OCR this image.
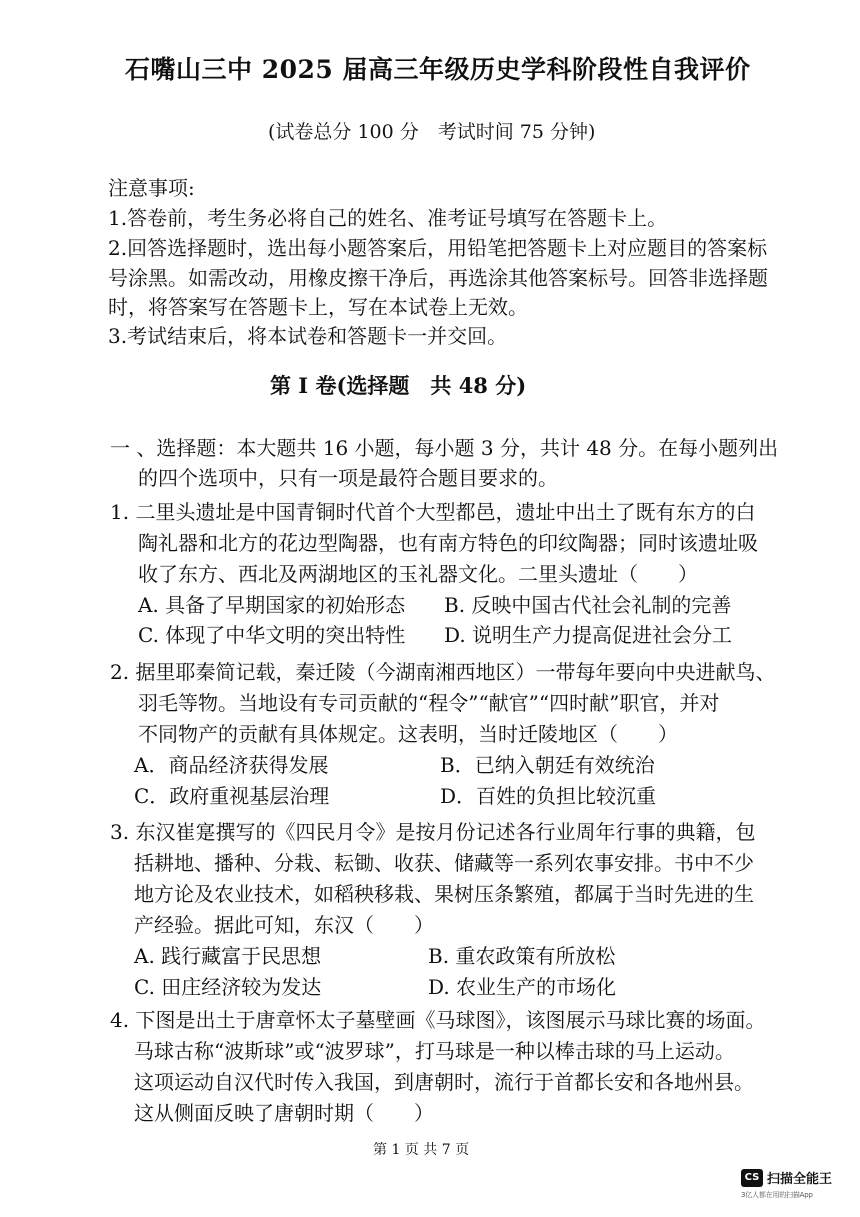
石嘴山三中 2025 届高三年级历史学科阶段性自我评价
(试卷总分 100 分　考试时间 75 分钟)
注意事项:
1.答卷前，考生务必将自己的姓名、准考证号填写在答题卡上。
2.回答选择题时，选出每小题答案后，用铅笔把答题卡上对应题目的答案标
号涂黑。如需改动，用橡皮擦干净后，再选涂其他答案标号。回答非选择题
时，将答案写在答题卡上，写在本试卷上无效。
3.考试结束后，将本试卷和答题卡一并交回。
第 Ⅰ 卷(选择题　共 48 分)
一 、选择题：本大题共 16 小题，每小题 3 分，共计 48 分。在每小题列出
的四个选项中，只有一项是最符合题目要求的。
1. 二里头遗址是中国青铜时代首个大型都邑，遗址中出土了既有东方的白
陶礼器和北方的花边型陶器，也有南方特色的印纹陶器；同时该遗址吸
收了东方、西北及两湖地区的玉礼器文化。二里头遗址（　　）
A. 具备了早期国家的初始形态 B. 反映中国古代社会礼制的完善
C. 体现了中华文明的突出特性 D. 说明生产力提高促进社会分工
2. 据里耶秦简记载，秦迁陵（今湖南湘西地区）一带每年要向中央进献鸟、
羽毛等物。当地设有专司贡献的“程令”“献官”“四时献”职官，并对
不同物产的贡献有具体规定。这表明，当时迁陵地区（　　）
A．商品经济获得发展	B．已纳入朝廷有效统治
C．政府重视基层治理	D．百姓的负担比较沉重
3. 东汉崔寔撰写的《四民月令》是按月份记述各行业周年行事的典籍，包
括耕地、播种、分栽、耘锄、收获、储藏等一系列农事安排。书中不少
地方论及农业技术，如稻秧移栽、果树压条繁殖，都属于当时先进的生
产经验。据此可知，东汉（　　）
A. 践行藏富于民思想	B. 重农政策有所放松
C. 田庄经济较为发达	D. 农业生产的市场化
4. 下图是出土于唐章怀太子墓壁画《马球图》，该图展示马球比赛的场面。
马球古称“波斯球”或“波罗球”，打马球是一种以棒击球的马上运动。
这项运动自汉代时传入我国，到唐朝时，流行于首都长安和各地州县。
这从侧面反映了唐朝时期（　　）
第 1 页 共 7 页
CS 扫描全能王
3亿人都在用的扫描App
